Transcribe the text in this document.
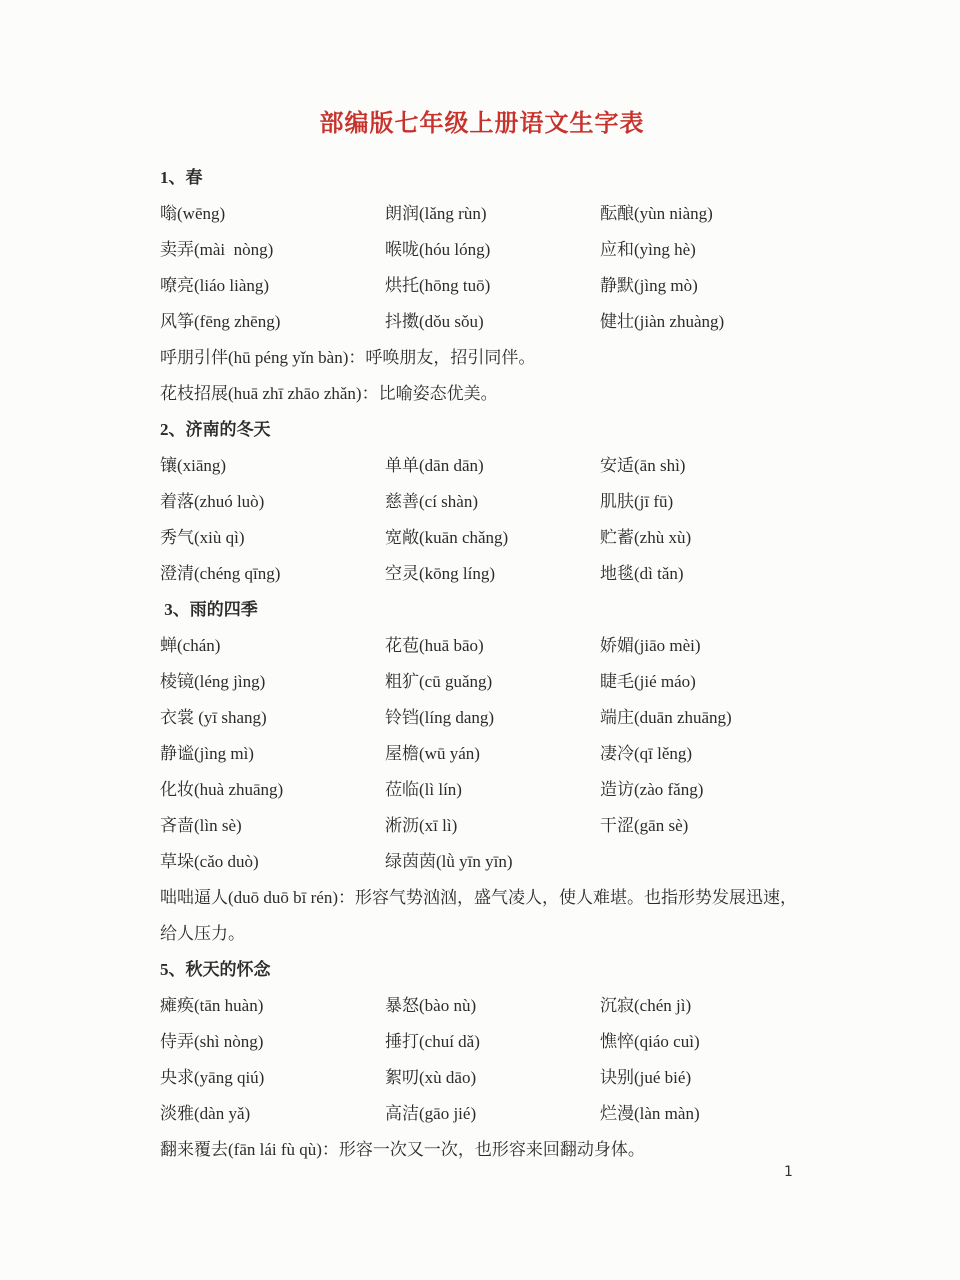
部编版七年级上册语文生字表
1、春
嗡(wēng)	朗润(lǎng rùn)	酝酿(yùn niàng)
卖弄(mài  nòng)	喉咙(hóu lóng)	应和(yìng hè)
嘹亮(liáo liàng)	烘托(hōng tuō)	静默(jìng mò)
风筝(fēng zhēng)	抖擞(dǒu sǒu)	健壮(jiàn zhuàng)
呼朋引伴(hū péng yǐn bàn)：呼唤朋友，招引同伴。
花枝招展(huā zhī zhāo zhǎn)：比喻姿态优美。
2、济南的冬天
镶(xiāng)	单单(dān dān)	安适(ān shì)
着落(zhuó luò)	慈善(cí shàn)	肌肤(jī fū)
秀气(xiù qì)	宽敞(kuān chǎng)	贮蓄(zhù xù)
澄清(chéng qīng)	空灵(kōng líng)	地毯(dì tǎn)
3、雨的四季
蝉(chán)	花苞(huā bāo)	娇媚(jiāo mèi)
棱镜(léng jìng)	粗犷(cū guǎng)	睫毛(jié máo)
衣裳 (yī shang)	铃铛(líng dang)	端庄(duān zhuāng)
静谧(jìng mì)	屋檐(wū yán)	凄冷(qī lěng)
化妆(huà zhuāng)	莅临(lì lín)	造访(zào fǎng)
吝啬(lìn sè)	淅沥(xī lì)	干涩(gān sè)
草垛(cǎo duò)	绿茵茵(lǜ yīn yīn)
咄咄逼人(duō duō bī rén)：形容气势汹汹，盛气凌人，使人难堪。也指形势发展迅速，给人压力。
5、秋天的怀念
瘫痪(tān huàn)	暴怒(bào nù)	沉寂(chén jì)
侍弄(shì nòng)	捶打(chuí dǎ)	憔悴(qiáo cuì)
央求(yāng qiú)	絮叨(xù dāo)	诀别(jué bié)
淡雅(dàn yǎ)	高洁(gāo jié)	烂漫(làn màn)
翻来覆去(fān lái fù qù)：形容一次又一次，也形容来回翻动身体。
1
